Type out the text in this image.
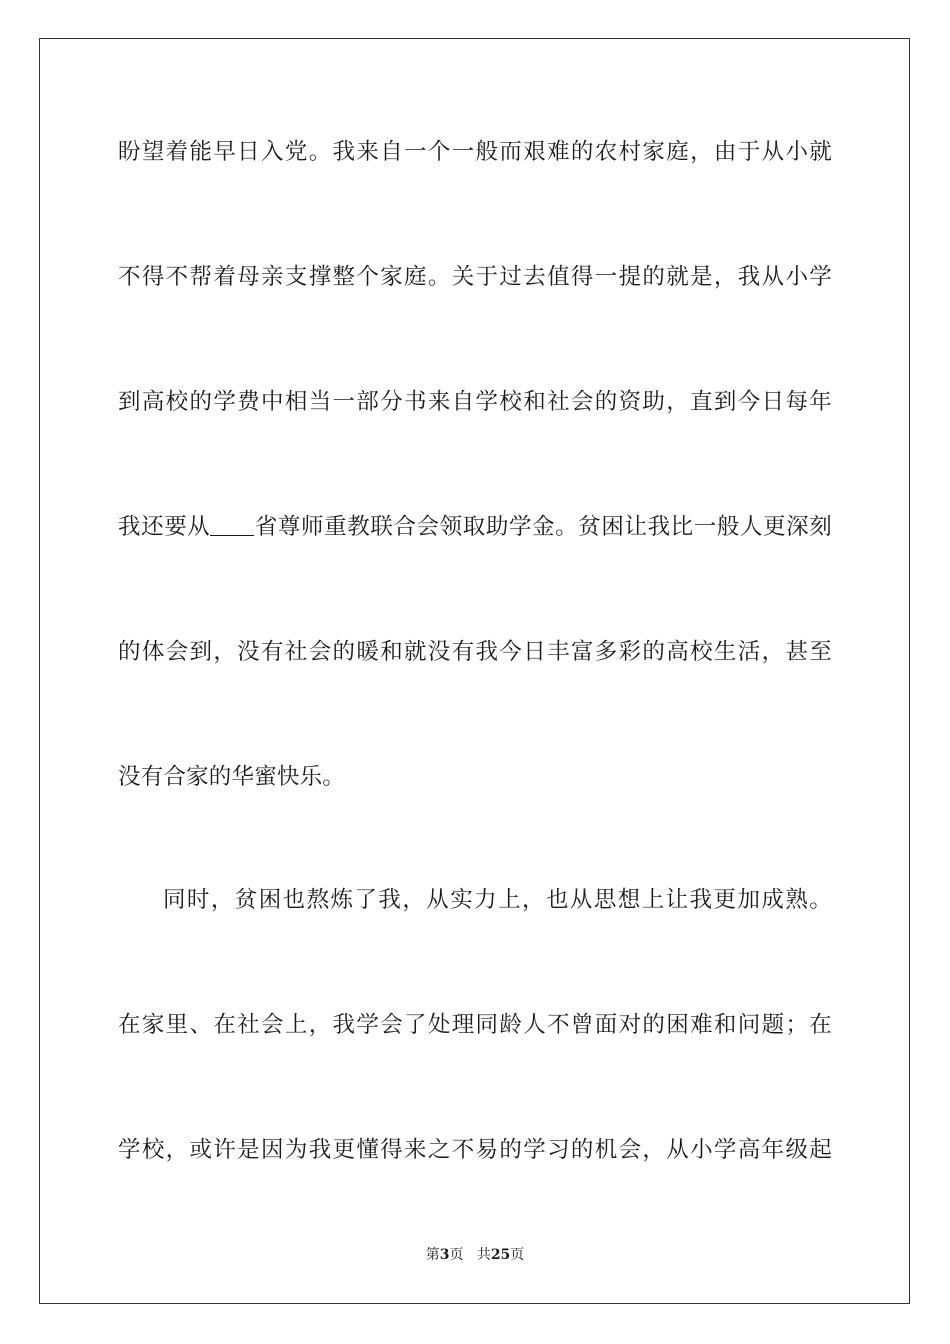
盼望着能早日入党。我来自一个一般而艰难的农村家庭，由于从小就
不得不帮着母亲支撑整个家庭。关于过去值得一提的就是，我从小学
到高校的学费中相当一部分书来自学校和社会的资助，直到今日每年
我还要从 省尊师重教联合会领取助学金。贫困让我比一般人更深刻
的体会到，没有社会的暖和就没有我今日丰富多彩的高校生活，甚至
没有合家的华蜜快乐。
同时，贫困也熬炼了我，从实力上，也从思想上让我更加成熟。
在家里、在社会上，我学会了处理同龄人不曾面对的困难和问题；在
学校，或许是因为我更懂得来之不易的学习的机会，从小学高年级起
第3页 共25页
